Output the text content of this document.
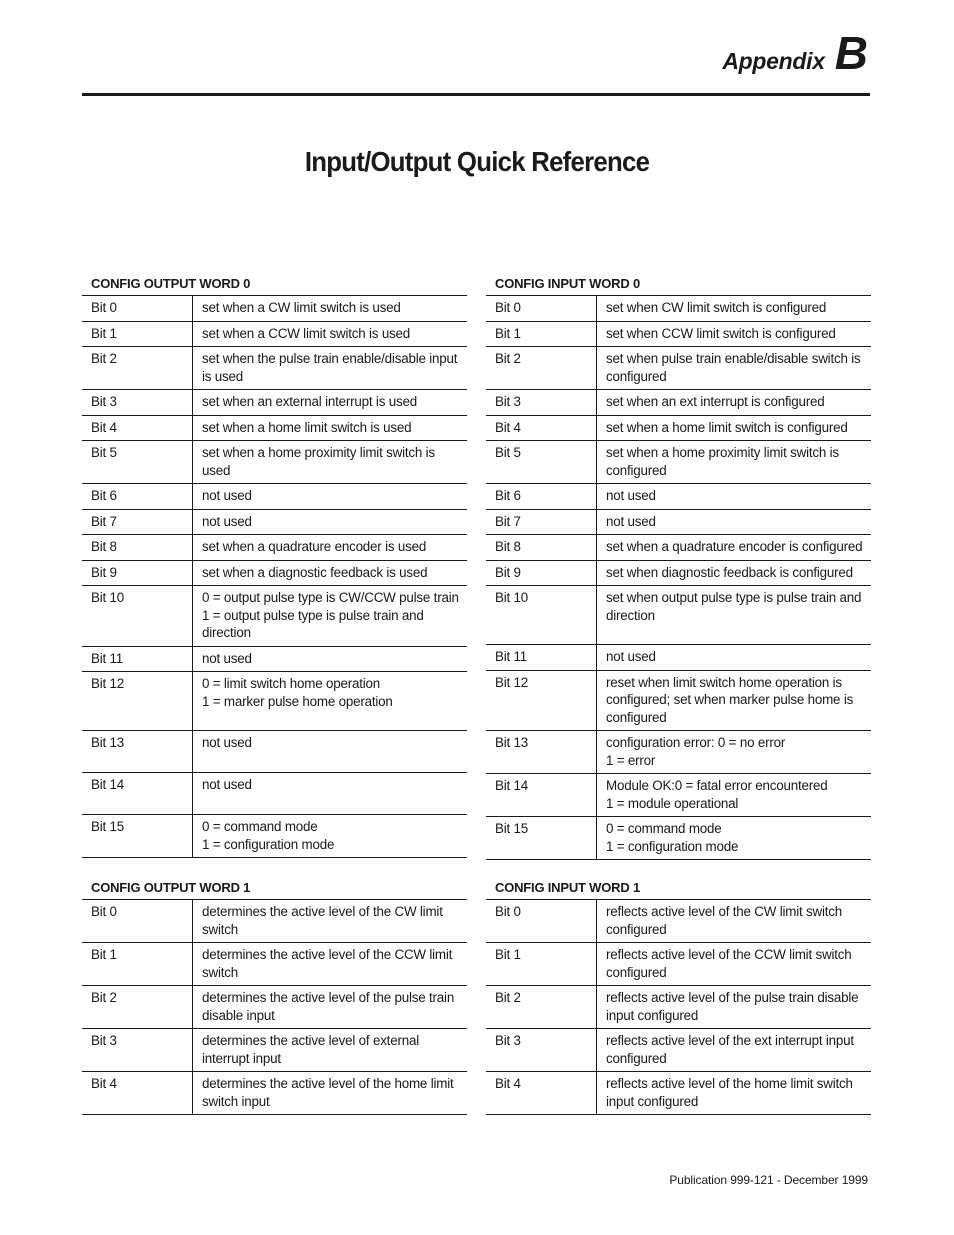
Appendix B
Input/Output Quick Reference
CONFIG OUTPUT WORD 0
Bit 0	set when a CW limit switch is used
Bit 1	set when a CCW limit switch is used
Bit 2	set when the pulse train enable/disable input is used
Bit 3	set when an external interrupt is used
Bit 4	set when a home limit switch is used
Bit 5	set when a home proximity limit switch is used
Bit 6	not used
Bit 7	not used
Bit 8	set when a quadrature encoder is used
Bit 9	set when a diagnostic feedback is used
Bit 10	0 = output pulse type is CW/CCW pulse train
1 = output pulse type is pulse train and direction
Bit 11	not used
Bit 12	0 = limit switch home operation
1 = marker pulse home operation
Bit 13	not used
Bit 14	not used
Bit 15	0 = command mode
1 = configuration mode
CONFIG INPUT WORD 0
Bit 0	set when CW limit switch is configured
Bit 1	set when CCW limit switch is configured
Bit 2	set when pulse train enable/disable switch is configured
Bit 3	set when an ext interrupt is configured
Bit 4	set when a home limit switch is configured
Bit 5	set when a home proximity limit switch is configured
Bit 6	not used
Bit 7	not used
Bit 8	set when a quadrature encoder is configured
Bit 9	set when diagnostic feedback is configured
Bit 10	set when output pulse type is pulse train and direction
Bit 11	not used
Bit 12	reset when limit switch home operation is configured; set when marker pulse home is configured
Bit 13	configuration error: 0 = no error
1 = error
Bit 14	Module OK:0 = fatal error encountered
1 = module operational
Bit 15	0 = command mode
1 = configuration mode
CONFIG OUTPUT WORD 1
Bit 0	determines the active level of the CW limit switch
Bit 1	determines the active level of the CCW limit switch
Bit 2	determines the active level of the pulse train disable input
Bit 3	determines the active level of external interrupt input
Bit 4	determines the active level of the home limit switch input
CONFIG INPUT WORD 1
Bit 0	reflects active level of the CW limit switch configured
Bit 1	reflects active level of the CCW limit switch configured
Bit 2	reflects active level of the pulse train disable input configured
Bit 3	reflects active level of the ext interrupt input configured
Bit 4	reflects active level of the home limit switch input configured
Publication 999-121 - December 1999
